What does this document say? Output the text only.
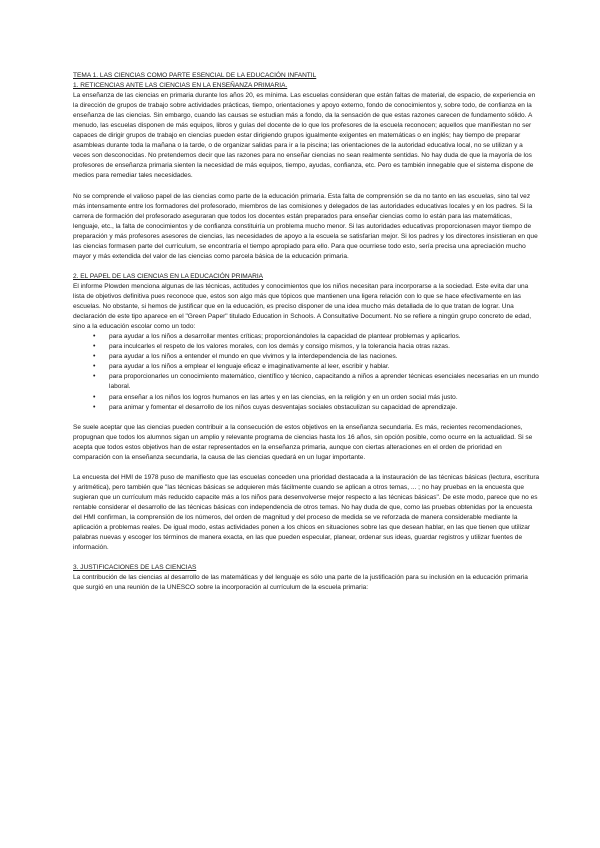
TEMA 1. LAS CIENCIAS COMO PARTE ESENCIAL DE LA EDUCACIÓN INFANTIL

1. RETICENCIAS ANTE LAS CIENCIAS EN LA ENSEÑANZA PRIMARIA.

La enseñanza de las ciencias en primaria durante los años 20, es mínima. Las escuelas consideran que están faltas de material, de espacio, de experiencia en la dirección de grupos de trabajo sobre actividades prácticas, tiempo, orientaciones y apoyo externo, fondo de conocimientos y, sobre todo, de confianza en la enseñanza de las ciencias. Sin embargo, cuando las causas se estudian más a fondo, da la sensación de que estas razones carecen de fundamento sólido. A menudo, las escuelas disponen de más equipos, libros y guías del docente de lo que los profesores de la escuela reconocen; aquellos que manifiestan no ser capaces de dirigir grupos de trabajo en ciencias pueden estar dirigiendo grupos igualmente exigentes en matemáticas o en inglés; hay tiempo de preparar asambleas durante toda la mañana o la tarde, o de organizar salidas para ir a la piscina; las orientaciones de la autoridad educativa local, no se utilizan y a veces son desconocidas. No pretendemos decir que las razones para no enseñar ciencias no sean realmente sentidas. No hay duda de que la mayoría de los profesores de enseñanza primaria sienten la necesidad de más equipos, tiempo, ayudas, confianza, etc. Pero es también innegable que el sistema dispone de medios para remediar tales necesidades.

No se comprende el valioso papel de las ciencias como parte de la educación primaria. Esta falta de comprensión se da no tanto en las escuelas, sino tal vez más intensamente entre los formadores del profesorado, miembros de las comisiones y delegados de las autoridades educativas locales y en los padres. Si la carrera de formación del profesorado aseguraran que todos los docentes están preparados para enseñar ciencias como lo están para las matemáticas, lenguaje, etc., la falta de conocimientos y de confianza constituiría un problema mucho menor. Si las autoridades educativas proporcionasen mayor tiempo de preparación y más profesores asesores de ciencias, las necesidades de apoyo a la escuela se satisfarían mejor. Si los padres y los directores insistieran en que las ciencias formasen parte del currículum, se encontraría el tiempo apropiado para ello. Para que ocurriese todo esto, sería precisa una apreciación mucho mayor y más extendida del valor de las ciencias como parcela básica de la educación primaria.

2. EL PAPEL DE LAS CIENCIAS EN LA EDUCACIÓN PRIMARIA

El informe Plowden menciona algunas de las técnicas, actitudes y conocimientos que los niños necesitan para incorporarse a la sociedad. Este evita dar una lista de objetivos definitiva pues reconoce que, estos son algo más que tópicos que mantienen una ligera relación con lo que se hace efectivamente en las escuelas. No obstante, si hemos de justificar que en la educación, es preciso disponer de una idea mucho más detallada de lo que tratan de lograr. Una declaración de este tipo aparece en el "Green Paper" titulado Education in Schools. A Consultative Document. No se refiere a ningún grupo concreto de edad, sino a la educación escolar como un todo:

• para ayudar a los niños a desarrollar mentes críticas; proporcionándoles la capacidad de plantear problemas y aplicarlos.
• para inculcarles el respeto de los valores morales, con los demás y consigo mismos, y la tolerancia hacia otras razas.
• para ayudar a los niños a entender el mundo en que vivimos y la interdependencia de las naciones.
• para ayudar a los niños a emplear el lenguaje eficaz e imaginativamente al leer, escribir y hablar.
• para proporcionarles un conocimiento matemático, científico y técnico, capacitando a niños a aprender técnicas esenciales necesarias en un mundo laboral.
• para enseñar a los niños los logros humanos en las artes y en las ciencias, en la religión y en un orden social más justo.
• para animar y fomentar el desarrollo de los niños cuyas desventajas sociales obstaculizan su capacidad de aprendizaje.

Se suele aceptar que las ciencias pueden contribuir a la consecución de estos objetivos en la enseñanza secundaria. Es más, recientes recomendaciones, propugnan que todos los alumnos sigan un amplio y relevante programa de ciencias hasta los 16 años, sin opción posible, como ocurre en la actualidad. Si se acepta que todos estos objetivos han de estar representados en la enseñanza primaria, aunque con ciertas alteraciones en el orden de prioridad en comparación con la enseñanza secundaria, la causa de las ciencias quedará en un lugar importante.

La encuesta del HMI de 1978 puso de manifiesto que las escuelas conceden una prioridad destacada a la instauración de las técnicas básicas (lectura, escritura y aritmética), pero también que "las técnicas básicas se adquieren más fácilmente cuando se aplican a otros temas, ... ; no hay pruebas en la encuesta que sugieran que un currículum más reducido capacite más a los niños para desenvolverse mejor respecto a las técnicas básicas". De este modo, parece que no es rentable considerar el desarrollo de las técnicas básicas con independencia de otros temas. No hay duda de que, como las pruebas obtenidas por la encuesta del HMI confirman, la comprensión de los números, del orden de magnitud y del proceso de medida se ve reforzada de manera considerable mediante la aplicación a problemas reales. De igual modo, estas actividades ponen a los chicos en situaciones sobre las que desean hablar, en las que tienen que utilizar palabras nuevas y escoger los términos de manera exacta, en las que pueden especular, planear, ordenar sus ideas, guardar registros y utilizar fuentes de información.

3. JUSTIFICACIONES DE LAS CIENCIAS

La contribución de las ciencias al desarrollo de las matemáticas y del lenguaje es sólo una parte de la justificación para su inclusión en la educación primaria que surgió en una reunión de la UNESCO sobre la incorporación al currículum de la escuela primaria:
